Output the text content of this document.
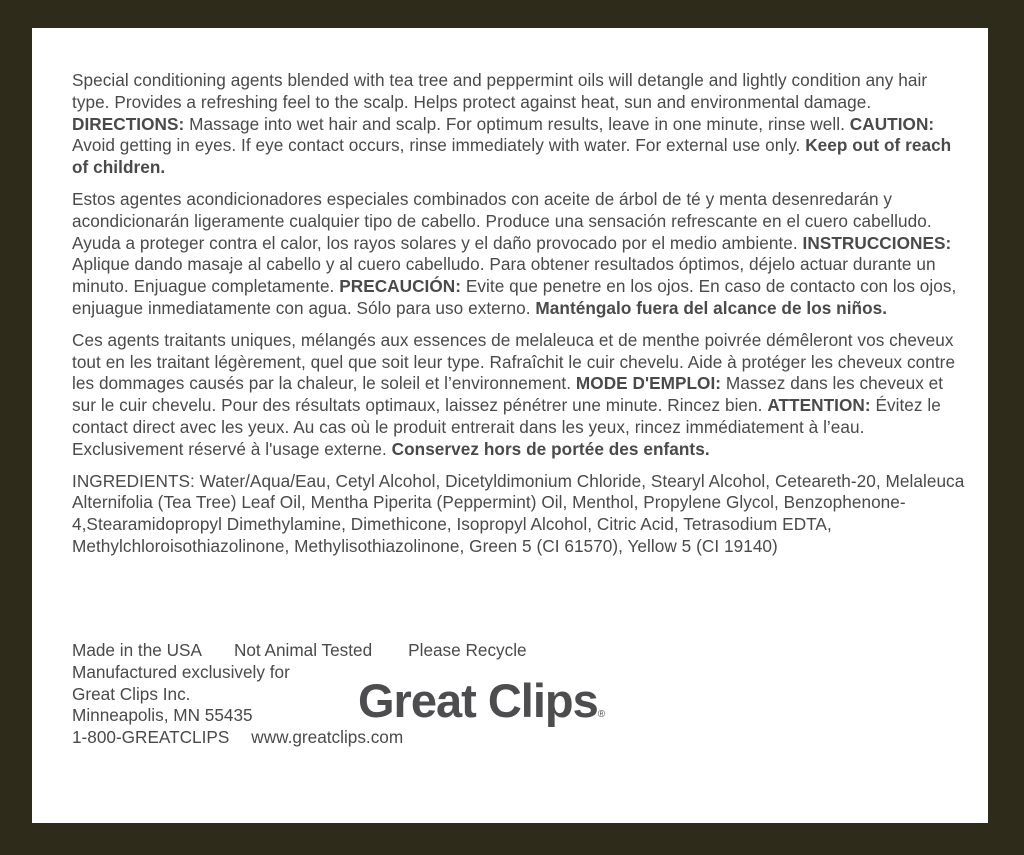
Special conditioning agents blended with tea tree and peppermint oils will detangle and lightly condition any hair type. Provides a refreshing feel to the scalp. Helps protect against heat, sun and environmental damage. DIRECTIONS: Massage into wet hair and scalp. For optimum results, leave in one minute, rinse well. CAUTION: Avoid getting in eyes. If eye contact occurs, rinse immediately with water. For external use only. Keep out of reach of children.

Estos agentes acondicionadores especiales combinados con aceite de árbol de té y menta desenredarán y acondicionarán ligeramente cualquier tipo de cabello. Produce una sensación refrescante en el cuero cabelludo. Ayuda a proteger contra el calor, los rayos solares y el daño provocado por el medio ambiente. INSTRUCCIONES: Aplique dando masaje al cabello y al cuero cabelludo. Para obtener resultados óptimos, déjelo actuar durante un minuto. Enjuague completamente. PRECAUCIÓN: Evite que penetre en los ojos. En caso de contacto con los ojos, enjuague inmediatamente con agua. Sólo para uso externo. Manténgalo fuera del alcance de los niños.

Ces agents traitants uniques, mélangés aux essences de melaleuca et de menthe poivrée démêleront vos cheveux tout en les traitant légèrement, quel que soit leur type. Rafraîchit le cuir chevelu. Aide à protéger les cheveux contre les dommages causés par la chaleur, le soleil et l’environnement. MODE D'EMPLOI: Massez dans les cheveux et sur le cuir chevelu. Pour des résultats optimaux, laissez pénétrer une minute. Rincez bien. ATTENTION: Évitez le contact direct avec les yeux. Au cas où le produit entrerait dans les yeux, rincez immédiatement à l’eau. Exclusivement réservé à l'usage externe. Conservez hors de portée des enfants.

INGREDIENTS: Water/Aqua/Eau, Cetyl Alcohol, Dicetyldimonium Chloride, Stearyl Alcohol, Ceteareth-20, Melaleuca Alternifolia (Tea Tree) Leaf Oil, Mentha Piperita (Peppermint) Oil, Menthol, Propylene Glycol, Benzophenone-4,Stearamidopropyl Dimethylamine, Dimethicone, Isopropyl Alcohol, Citric Acid, Tetrasodium EDTA, Methylchloroisothiazolinone, Methylisothiazolinone, Green 5 (CI 61570), Yellow 5 (CI 19140)

Made in the USA Not Animal Tested Please Recycle
Manufactured exclusively for
Great Clips Inc.
Minneapolis, MN 55435
1-800-GREATCLIPS www.greatclips.com
Great Clips®
